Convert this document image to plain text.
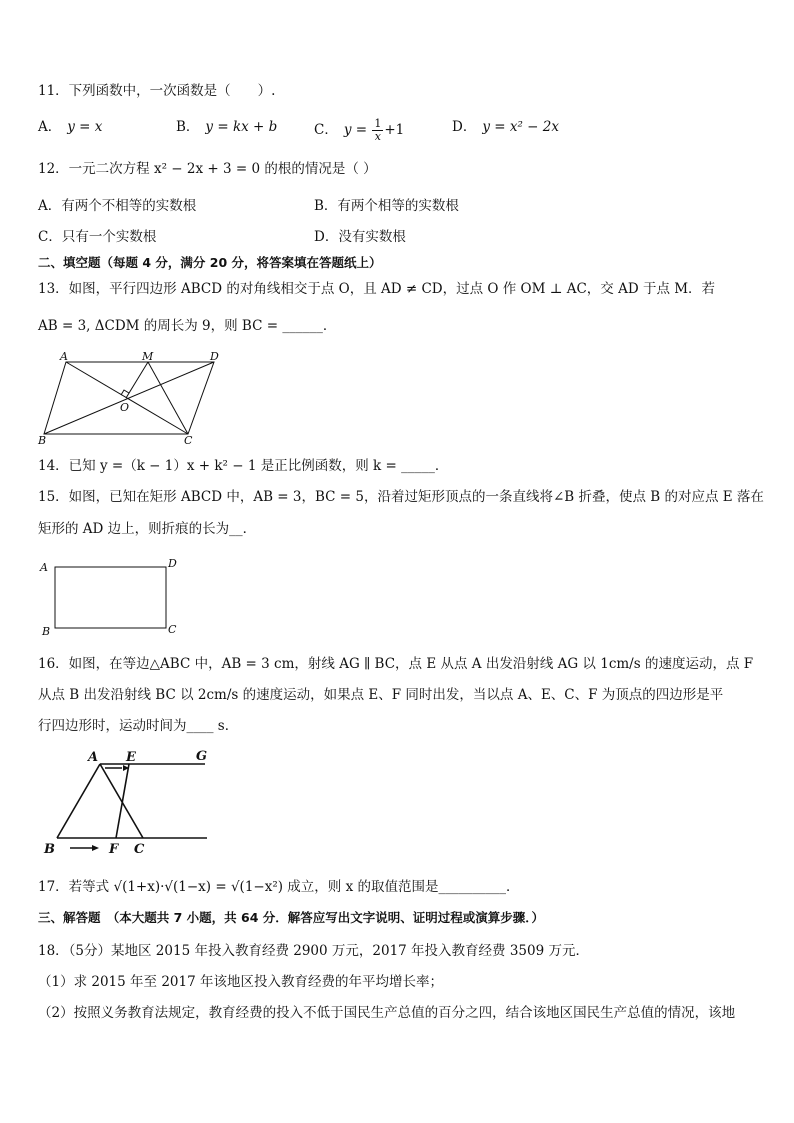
11．下列函数中，一次函数是（　　）.
A． y = x	B． y = kx + b	C． $y = \frac{1}{x} +1$	D． y = x² − 2x
12．一元二次方程 x² − 2x + 3 = 0 的根的情况是（ ）
A．有两个不相等的实数根	B．有两个相等的实数根
C．只有一个实数根	D．没有实数根
二、填空题（每题 4 分，满分 20 分，将答案填在答题纸上）
13．如图，平行四边形 ABCD 的对角线相交于点 O，且 AD ≠ CD，过点 O 作 OM ⊥ AC，交 AD 于点 M．若
AB = 3, ΔCDM 的周长为 9，则 BC = ______．
A	M	D
O
B	C
14．已知 y =（k − 1）x + k² − 1 是正比例函数，则 k = _____．
15．如图，已知在矩形 ABCD 中，AB = 3，BC = 5，沿着过矩形顶点的一条直线将∠B 折叠，使点 B 的对应点 E 落在
矩形的 AD 边上，则折痕的长为__．
A	D
B	C
16．如图，在等边△ABC 中，AB = 3 cm，射线 AG ∥ BC，点 E 从点 A 出发沿射线 AG 以 1cm/s 的速度运动，点 F
从点 B 出发沿射线 BC 以 2cm/s 的速度运动，如果点 E、F 同时出发，当以点 A、E、C、F 为顶点的四边形是平
行四边形时，运动时间为____ s．
A E	G
B	F C
17．若等式 √(1+x)·√(1−x) = √(1−x²) 成立，则 x 的取值范围是__________．
三、解答题　（本大题共 7 小题，共 64 分．解答应写出文字说明、证明过程或演算步骤．）
18．（5分）某地区 2015 年投入教育经费 2900 万元，2017 年投入教育经费 3509 万元．
（1）求 2015 年至 2017 年该地区投入教育经费的年平均增长率；
（2）按照义务教育法规定，教育经费的投入不低于国民生产总值的百分之四，结合该地区国民生产总值的情况，该地
